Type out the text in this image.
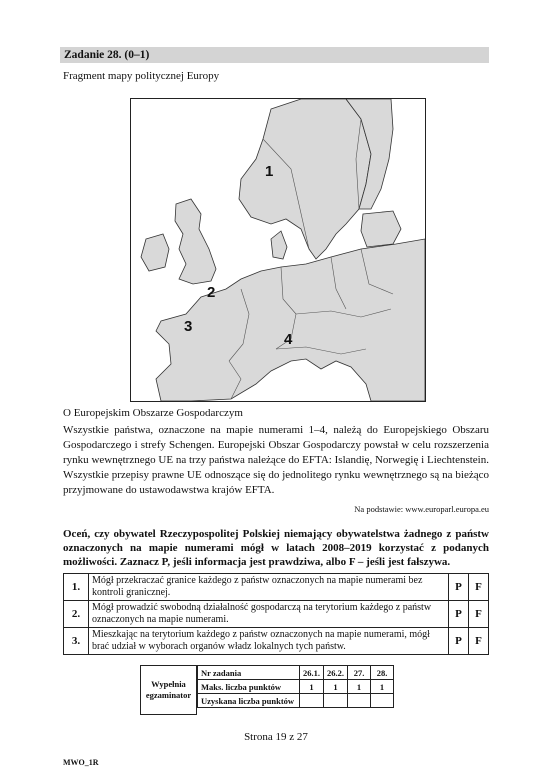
Zadanie 28. (0–1)
Fragment mapy politycznej Europy
1
2
3
4
O Europejskim Obszarze Gospodarczym
Wszystkie państwa, oznaczone na mapie numerami 1–4, należą do Europejskiego Obszaru Gospodarczego i strefy Schengen. Europejski Obszar Gospodarczy powstał w celu rozszerzenia rynku wewnętrznego UE na trzy państwa należące do EFTA: Islandię, Norwegię i Liechtenstein. Wszystkie przepisy prawne UE odnoszące się do jednolitego rynku wewnętrznego są na bieżąco przyjmowane do ustawodawstwa krajów EFTA.
Na podstawie: www.europarl.europa.eu
Oceń, czy obywatel Rzeczypospolitej Polskiej niemający obywatelstwa żadnego z państw oznaczonych na mapie numerami mógł w latach 2008–2019 korzystać z podanych możliwości. Zaznacz P, jeśli informacja jest prawdziwa, albo F – jeśli jest fałszywa.
1.	Mógł przekraczać granice każdego z państw oznaczonych na mapie numerami bez kontroli granicznej.	P	F
2.	Mógł prowadzić swobodną działalność gospodarczą na terytorium każdego z państw oznaczonych na mapie numerami.	P	F
3.	Mieszkając na terytorium każdego z państw oznaczonych na mapie numerami, mógł brać udział w wyborach organów władz lokalnych tych państw.	P	F
Wypełnia egzaminator
Nr zadania	26.1.	26.2.	27.	28.
Maks. liczba punktów	1	1	1	1
Uzyskana liczba punktów				
Strona 19 z 27
MWO_1R
